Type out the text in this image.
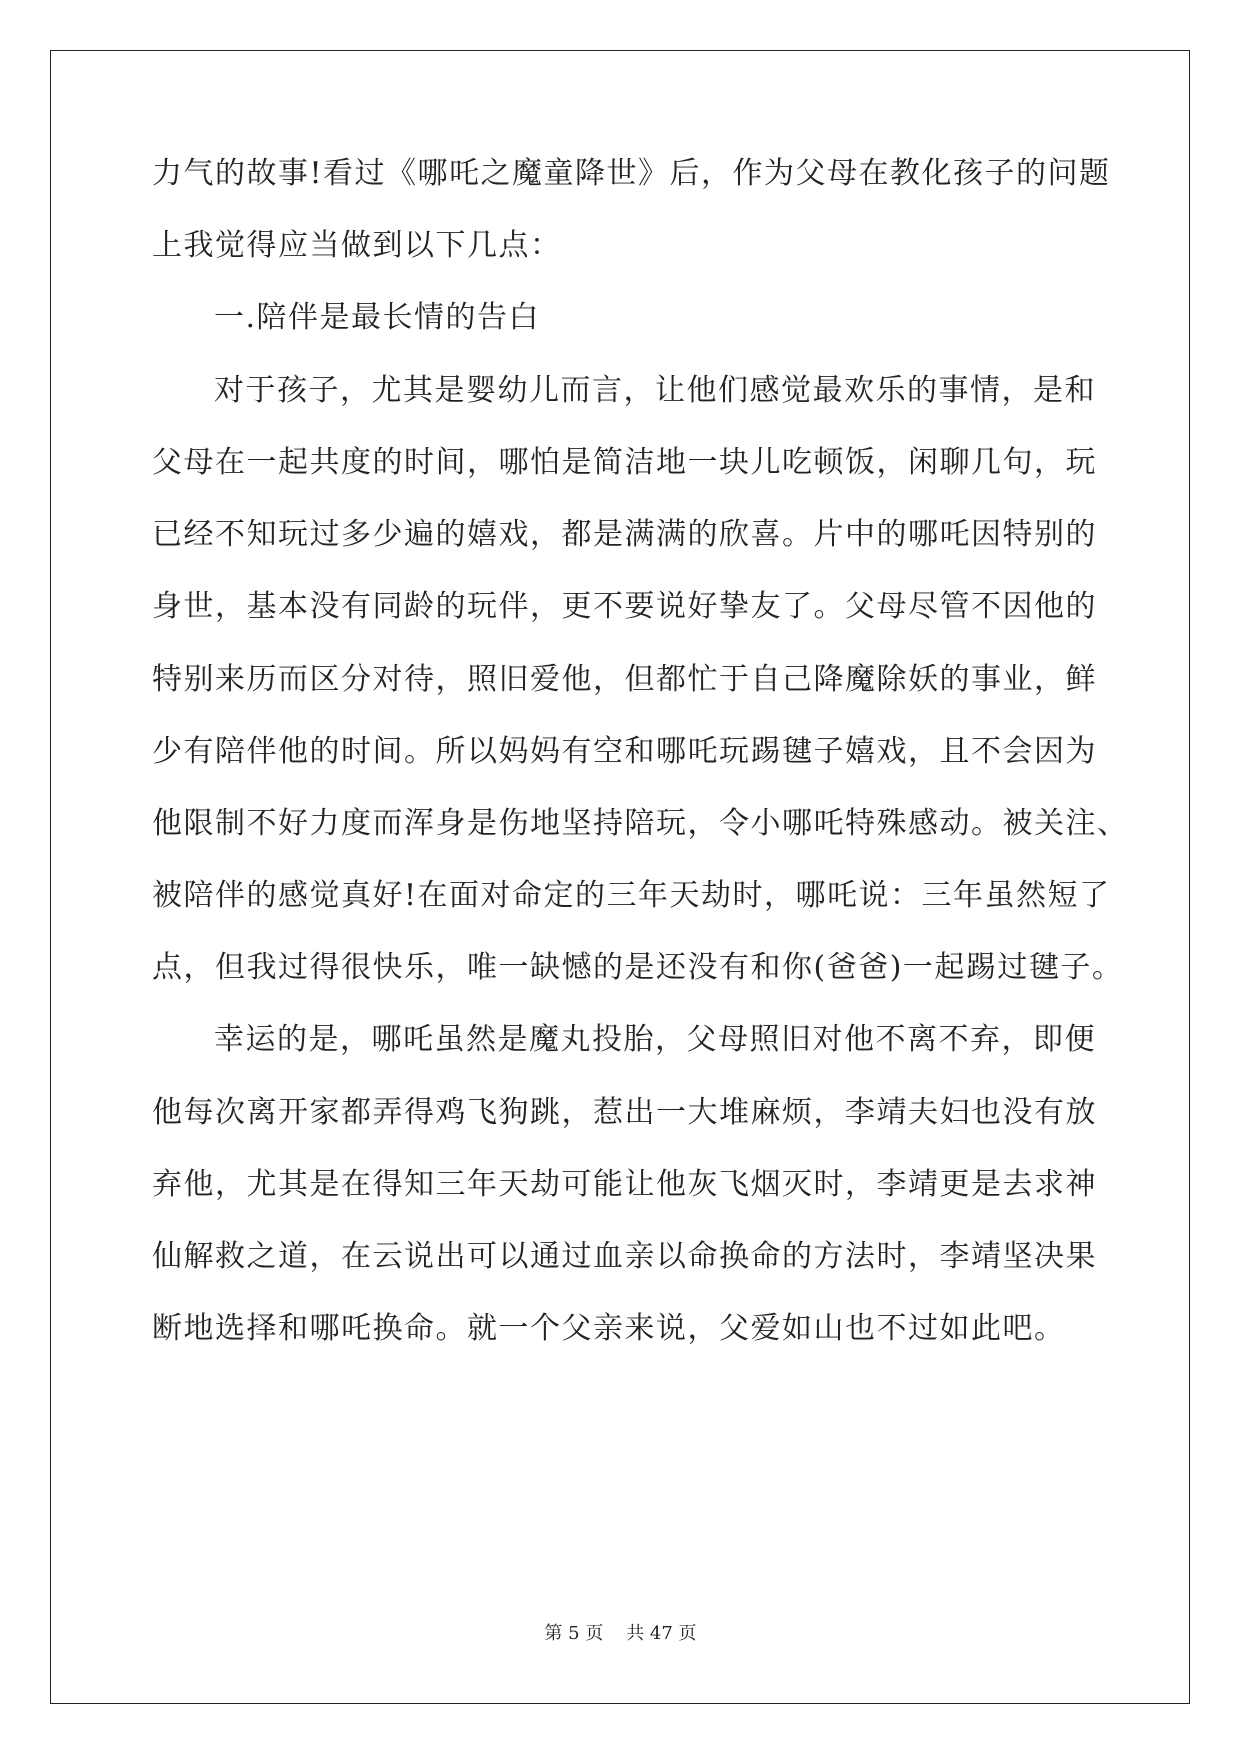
力气的故事!看过《哪吒之魔童降世》后，作为父母在教化孩子的问题
上我觉得应当做到以下几点：
一.陪伴是最长情的告白
对于孩子，尤其是婴幼儿而言，让他们感觉最欢乐的事情，是和
父母在一起共度的时间，哪怕是简洁地一块儿吃顿饭，闲聊几句，玩
已经不知玩过多少遍的嬉戏，都是满满的欣喜。片中的哪吒因特别的
身世，基本没有同龄的玩伴，更不要说好挚友了。父母尽管不因他的
特别来历而区分对待，照旧爱他，但都忙于自己降魔除妖的事业，鲜
少有陪伴他的时间。所以妈妈有空和哪吒玩踢毽子嬉戏，且不会因为
他限制不好力度而浑身是伤地坚持陪玩，令小哪吒特殊感动。被关注、
被陪伴的感觉真好!在面对命定的三年天劫时，哪吒说：三年虽然短了
点，但我过得很快乐，唯一缺憾的是还没有和你(爸爸)一起踢过毽子。
幸运的是，哪吒虽然是魔丸投胎，父母照旧对他不离不弃，即便
他每次离开家都弄得鸡飞狗跳，惹出一大堆麻烦，李靖夫妇也没有放
弃他，尤其是在得知三年天劫可能让他灰飞烟灭时，李靖更是去求神
仙解救之道，在云说出可以通过血亲以命换命的方法时，李靖坚决果
断地选择和哪吒换命。就一个父亲来说，父爱如山也不过如此吧。
第 5 页    共 47 页
